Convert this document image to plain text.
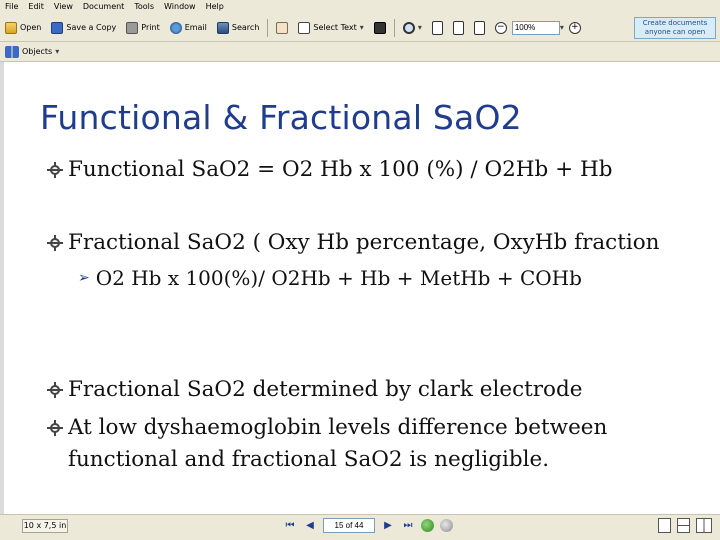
File	Edit	View	Document	Tools	Window	Help
Open	Save a Copy	Print	Email	Search	Select Text ▾	▾	−
100%	▾ +	Create documents anyone can open
Objects ▾
Functional & Fractional SaO2
Functional SaO2 = O2 Hb x 100 (%) / O2Hb + Hb
Fractional SaO2 ( Oxy Hb percentage, OxyHb fraction
➢ O2 Hb x 100(%)/ O2Hb + Hb + MetHb + COHb
Fractional SaO2 determined by clark electrode
At low dyshaemoglobin levels difference between
functional and fractional SaO2 is negligible.
10 x 7,5 in	⏮	◀
15 of 44	▶	⏭
